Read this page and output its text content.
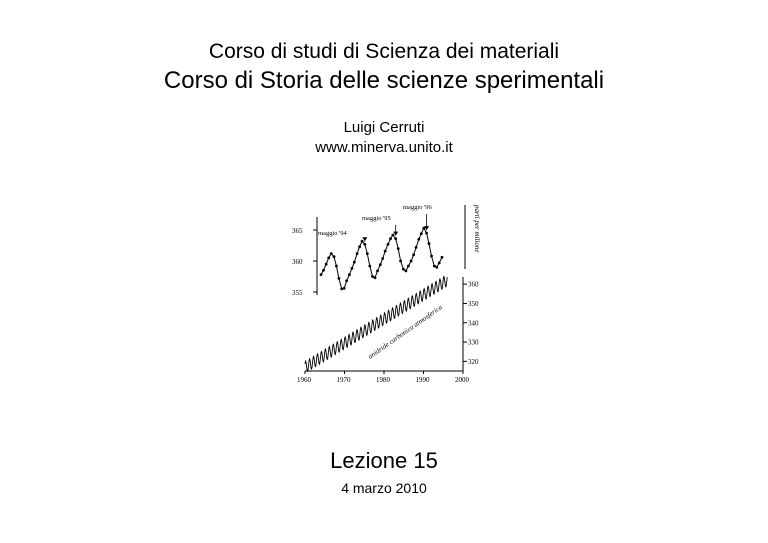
Corso di studi di Scienza dei materiali
Corso di Storia delle scienze sperimentali
Luigi Cerruti
www.minerva.unito.it
365
360
355
parti per milione
maggio '94
maggio '95
maggio '96
1960	1970	1980	1990	2000
320
330
340
350
360
anidride carbonica atmosferica
Lezione 15
4 marzo 2010
